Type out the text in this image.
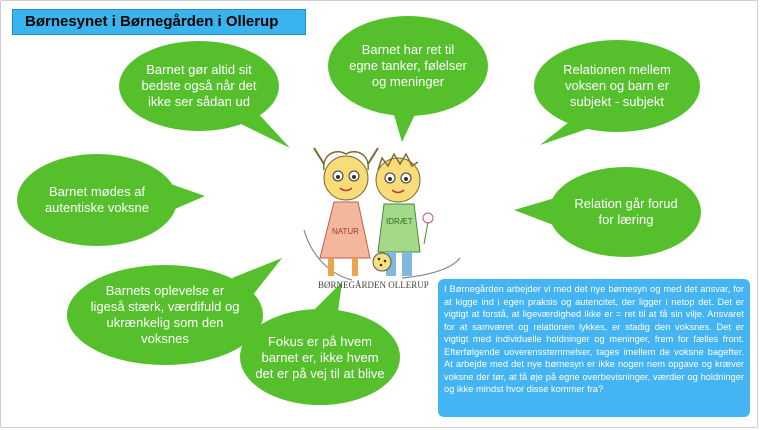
Børnesynet i Børnegården i Ollerup
Barnet gør altid sit bedste også når det ikke ser sådan ud
Barnet har ret til egne tanker, følelser og meninger
Relationen mellem voksen og barn er subjekt - subjekt
Barnet mødes af autentiske voksne	Relation går forud for læring
Barnets oplevelse er ligeså stærk, værdifuld og ukrænkelig som den voksnes	Fokus er på hvem barnet er, ikke hvem det er på vej til at blive
NATUR
IDRÆT
BØRNEGÅRDEN OLLERUP	I Børnegården arbejder vi med det nye børnesyn og med det ansvar, for at kigge ind i egen praksis og autencitet, der ligger i netop det. Det er vigtigt at forstå, at ligeværdighed ikke er = ret til at få sin vilje. Ansvaret for at samværet og relationen lykkes, er stadig den voksnes. Det er vigtigt med individuelle holdninger og meninger, frem for fælles front. Efterfølgende uoverensstemmelser, tages imellem de voksne bagefter. At arbejde med det nye børnesyn er ikke nogen nem opgave og kræver voksne der tør, at få øje på egne overbevisninger, værdier og holdninger og ikke mindst hvor disse kommer fra?
